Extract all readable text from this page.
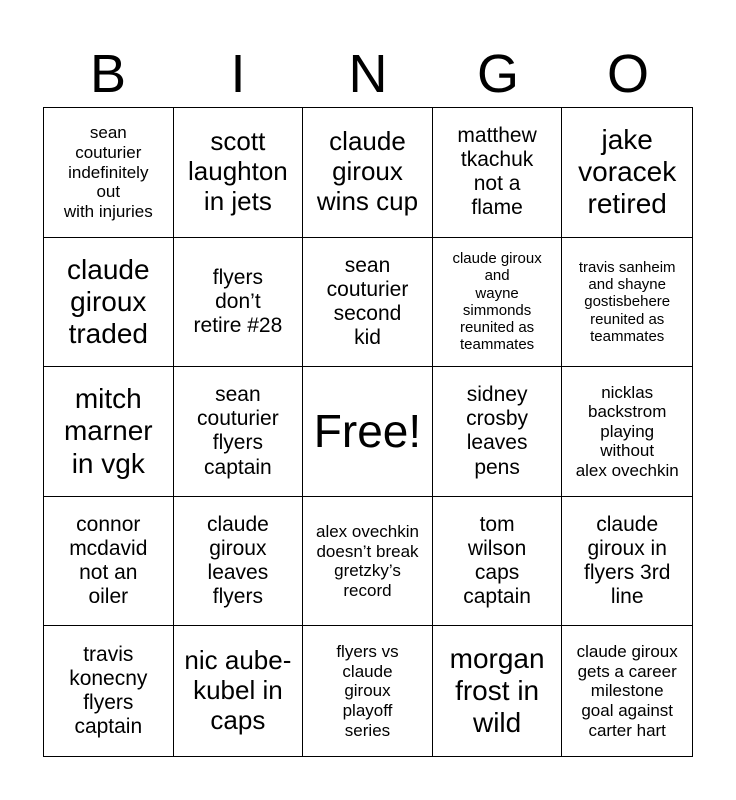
B	I	N	G	O
sean
couturier
indefinitely
out
with injuries
scott
laughton
in jets
claude
giroux
wins cup
matthew
tkachuk
not a
flame
jake
voracek
retired
claude
giroux
traded
flyers
don’t
retire #28
sean
couturier
second
kid
claude giroux
and
wayne
simmonds
reunited as
teammates
travis sanheim
and shayne
gostisbehere
reunited as
teammates
mitch
marner
in vgk
sean
couturier
flyers
captain
Free!
sidney
crosby
leaves
pens
nicklas
backstrom
playing
without
alex ovechkin
connor
mcdavid
not an
oiler
claude
giroux
leaves
flyers
alex ovechkin
doesn’t break
gretzky’s
record
tom
wilson
caps
captain
claude
giroux in
flyers 3rd
line
travis
konecny
flyers
captain
nic aube-
kubel in
caps
flyers vs
claude
giroux
playoff
series
morgan
frost in
wild
claude giroux
gets a career
milestone
goal against
carter hart
